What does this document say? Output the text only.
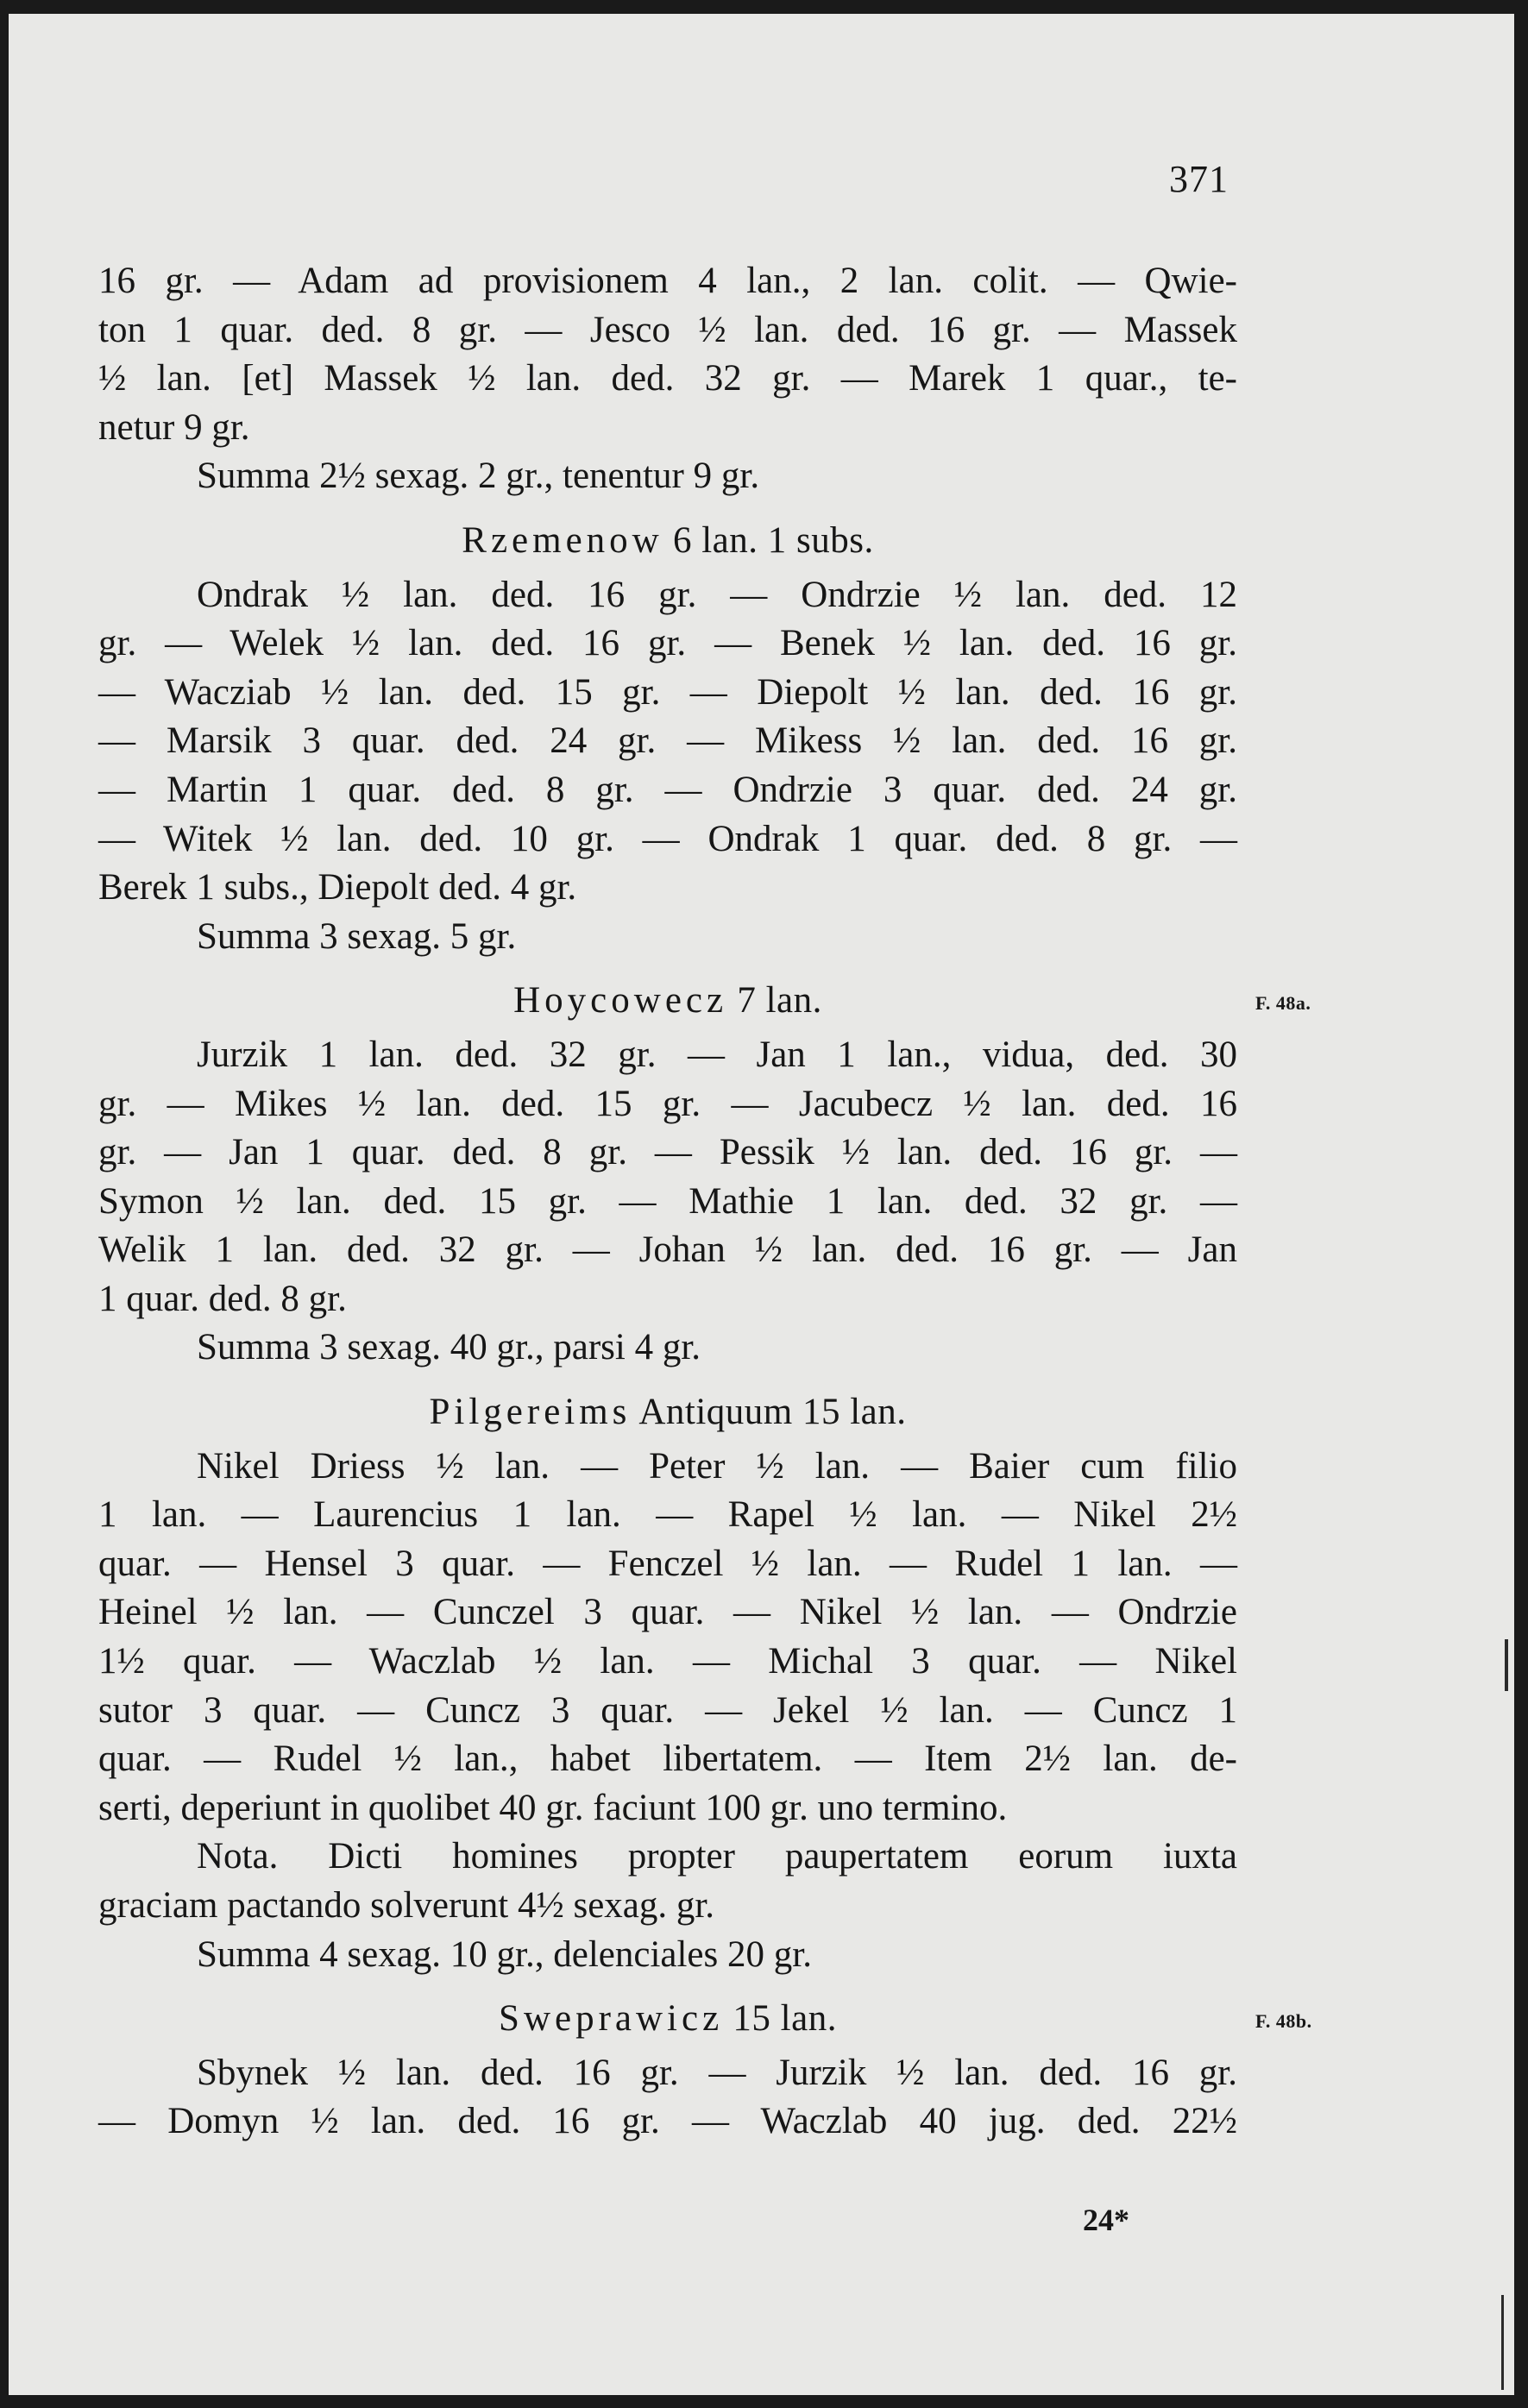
371

16 gr. — Adam ad provisionem 4 lan., 2 lan. colit. — Qwie-
ton 1 quar. ded. 8 gr. — Jesco ½ lan. ded. 16 gr. — Massek
½ lan. [et] Massek ½ lan. ded. 32 gr. — Marek 1 quar., te-
netur 9 gr.

Summa 2½ sexag. 2 gr., tenentur 9 gr.
Rzemenow 6 lan. 1 subs.

Ondrak ½ lan. ded. 16 gr. — Ondrzie ½ lan. ded. 12
gr. — Welek ½ lan. ded. 16 gr. — Benek ½ lan. ded. 16 gr.
— Wacziab ½ lan. ded. 15 gr. — Diepolt ½ lan. ded. 16 gr.
— Marsik 3 quar. ded. 24 gr. — Mikess ½ lan. ded. 16 gr.
— Martin 1 quar. ded. 8 gr. — Ondrzie 3 quar. ded. 24 gr.
— Witek ½ lan. ded. 10 gr. — Ondrak 1 quar. ded. 8 gr. —
Berek 1 subs., Diepolt ded. 4 gr.

Summa 3 sexag. 5 gr.
Hoycowecz 7 lan.

Jurzik 1 lan. ded. 32 gr. — Jan 1 lan., vidua, ded. 30
gr. — Mikes ½ lan. ded. 15 gr. — Jacubecz ½ lan. ded. 16
gr. — Jan 1 quar. ded. 8 gr. — Pessik ½ lan. ded. 16 gr. —
Symon ½ lan. ded. 15 gr. — Mathie 1 lan. ded. 32 gr. —
Welik 1 lan. ded. 32 gr. — Johan ½ lan. ded. 16 gr. — Jan
1 quar. ded. 8 gr.

Summa 3 sexag. 40 gr., parsi 4 gr.
Pilgereims Antiquum 15 lan.

Nikel Driess ½ lan. — Peter ½ lan. — Baier cum filio
1 lan. — Laurencius 1 lan. — Rapel ½ lan. — Nikel 2½
quar. — Hensel 3 quar. — Fenczel ½ lan. — Rudel 1 lan. —
Heinel ½ lan. — Cunczel 3 quar. — Nikel ½ lan. — Ondrzie
1½ quar. — Waczlab ½ lan. — Michal 3 quar. — Nikel
sutor 3 quar. — Cuncz 3 quar. — Jekel ½ lan. — Cuncz 1
quar. — Rudel ½ lan., habet libertatem. — Item 2½ lan. de-
serti, deperiunt in quolibet 40 gr. faciunt 100 gr. uno termino.

Nota. Dicti homines propter paupertatem eorum iuxta
graciam pactando solverunt 4½ sexag. gr.

Summa 4 sexag. 10 gr., delenciales 20 gr.
Sweprawicz 15 lan.

Sbynek ½ lan. ded. 16 gr. — Jurzik ½ lan. ded. 16 gr.
— Domyn ½ lan. ded. 16 gr. — Waczlab 40 jug. ded. 22½

F. 48a.
F. 48b.
24*
